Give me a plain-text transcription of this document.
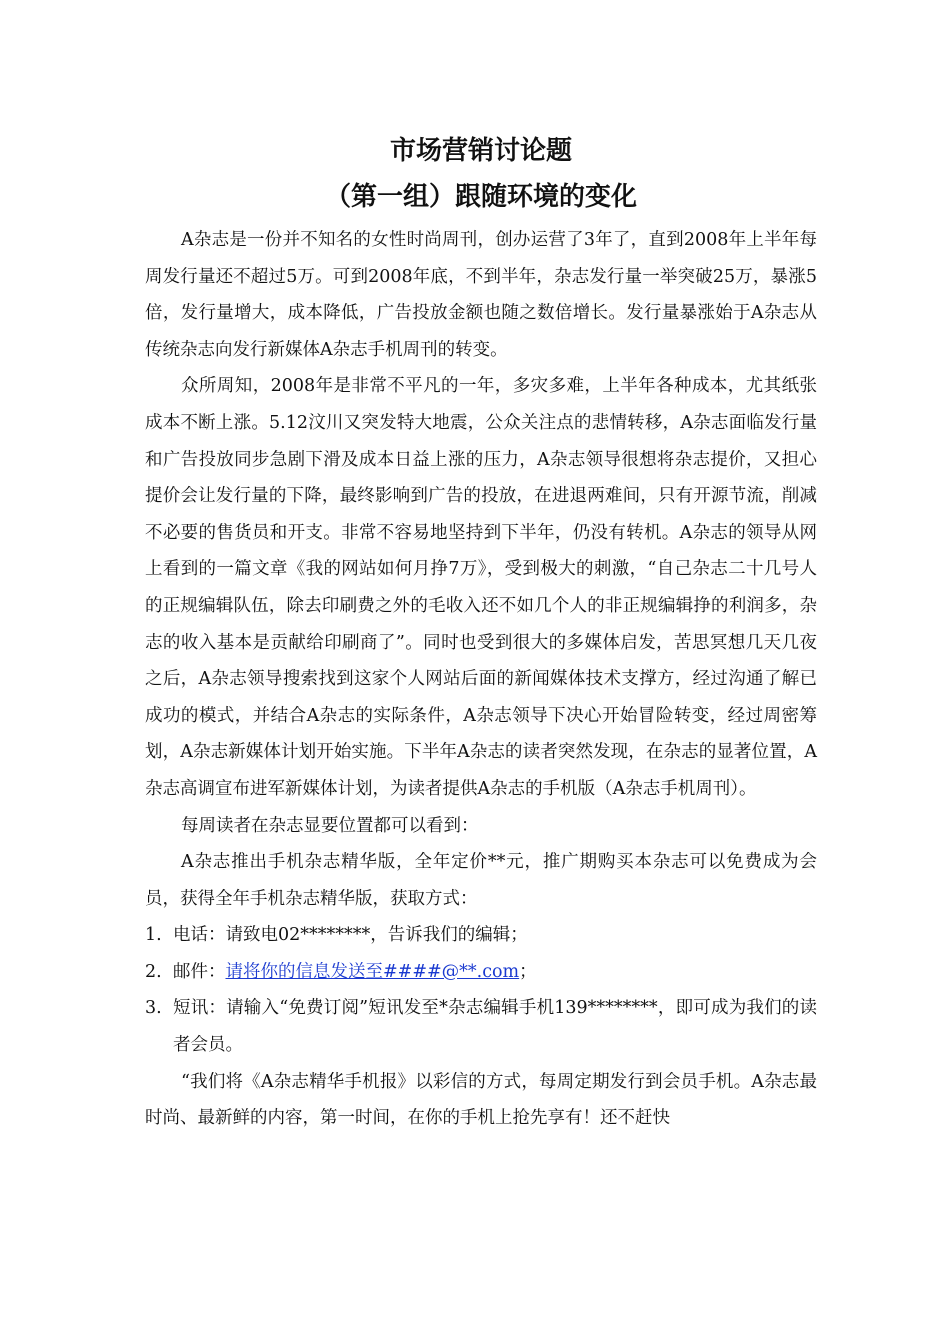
市场营销讨论题
（第一组）跟随环境的变化

A杂志是一份并不知名的女性时尚周刊，创办运营了3年了，直到2008年上半年每周发行量还不超过5万。可到2008年底，不到半年，杂志发行量一举突破25万，暴涨5倍，发行量增大，成本降低，广告投放金额也随之数倍增长。发行量暴涨始于A杂志从传统杂志向发行新媒体A杂志手机周刊的转变。

众所周知，2008年是非常不平凡的一年，多灾多难，上半年各种成本，尤其纸张成本不断上涨。5.12汶川又突发特大地震，公众关注点的悲情转移，A杂志面临发行量和广告投放同步急剧下滑及成本日益上涨的压力，A杂志领导很想将杂志提价，又担心提价会让发行量的下降，最终影响到广告的投放，在进退两难间，只有开源节流，削减不必要的售货员和开支。非常不容易地坚持到下半年，仍没有转机。A杂志的领导从网上看到的一篇文章《我的网站如何月挣7万》，受到极大的刺激，“自己杂志二十几号人的正规编辑队伍，除去印刷费之外的毛收入还不如几个人的非正规编辑挣的利润多，杂志的收入基本是贡献给印刷商了”。同时也受到很大的多媒体启发，苦思冥想几天几夜之后，A杂志领导搜索找到这家个人网站后面的新闻媒体技术支撑方，经过沟通了解已成功的模式，并结合A杂志的实际条件，A杂志领导下决心开始冒险转变，经过周密筹划，A杂志新媒体计划开始实施。下半年A杂志的读者突然发现，在杂志的显著位置，A杂志高调宣布进军新媒体计划，为读者提供A杂志的手机版（A杂志手机周刊）。

每周读者在杂志显要位置都可以看到：

A杂志推出手机杂志精华版，全年定价**元，推广期购买本杂志可以免费成为会员，获得全年手机杂志精华版，获取方式：

1. 电话：请致电02********，告诉我们的编辑；
2. 邮件：请将你的信息发送至####@**.com；
3. 短讯：请输入“免费订阅”短讯发至*杂志编辑手机139********，即可成为我们的读者会员。

“我们将《A杂志精华手机报》以彩信的方式，每周定期发行到会员手机。A杂志最时尚、最新鲜的内容，第一时间，在你的手机上抢先享有！还不赶快
